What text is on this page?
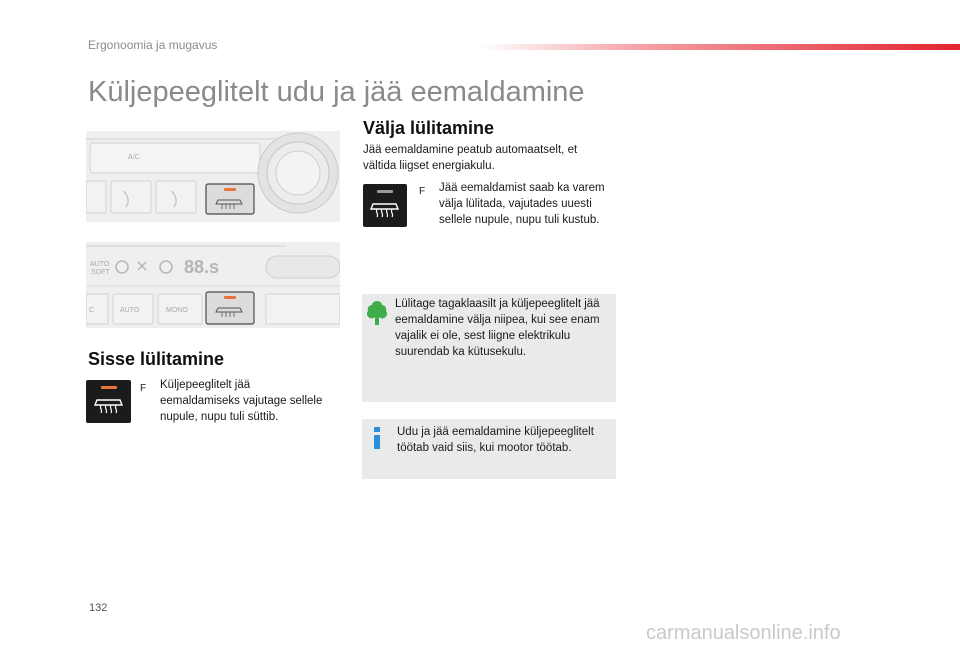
Ergonoomia ja mugavus
Küljepeeglitelt udu ja jää eemaldamine
A/C
AUTO
SOFT	88.s
C	AUTO	MONO
Sisse lülitamine
F Küljepeeglitelt jää
eemaldamiseks vajutage sellele
nupule, nupu tuli süttib.
Välja lülitamine
Jää eemaldamine peatub automaatselt, et
vältida liigset energiakulu.
F Jää eemaldamist saab ka varem
välja lülitada, vajutades uuesti
sellele nupule, nupu tuli kustub.
Lülitage tagaklaasilt ja küljepeeglitelt jää
eemaldamine välja niipea, kui see enam
vajalik ei ole, sest liigne elektrikulu
suurendab ka kütusekulu.
Udu ja jää eemaldamine küljepeeglitelt
töötab vaid siis, kui mootor töötab.
132
carmanualsonline.info
